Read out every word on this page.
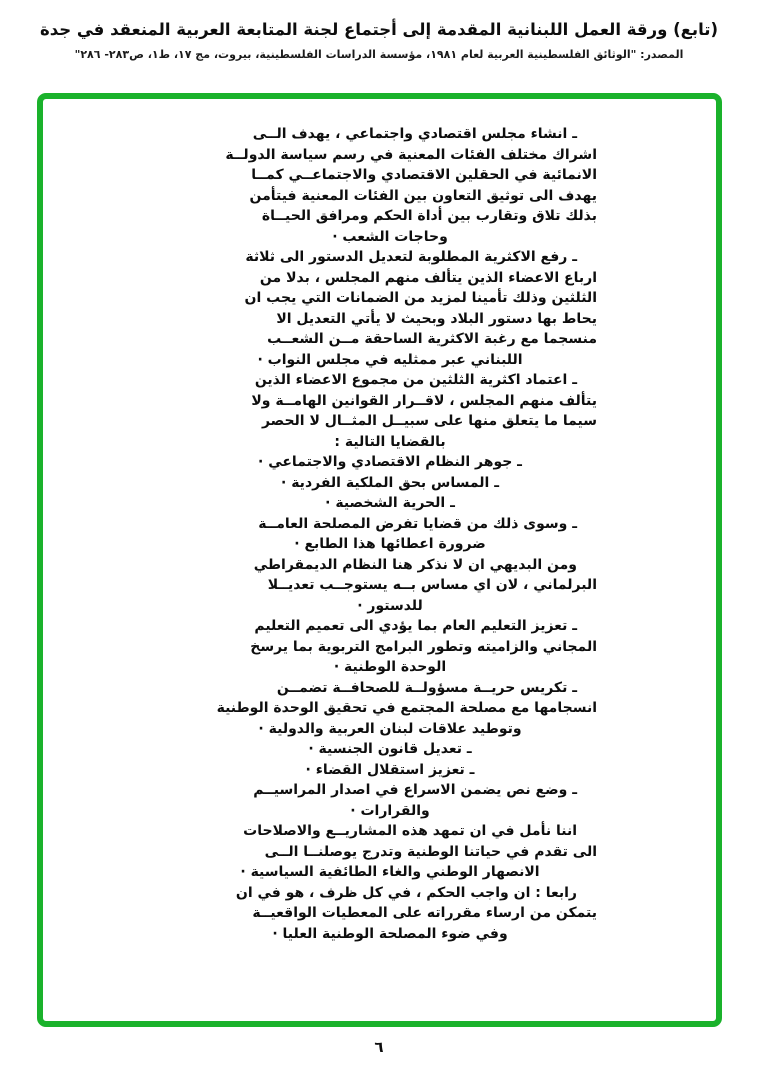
(تابع) ورقة العمل اللبنانية المقدمة إلى أجتماع لجنة المتابعة العربية المنعقد في جدة
المصدر: "الوثائق الفلسطينية العربية لعام ١٩٨١، مؤسسة الدراسات الفلسطينية، بيروت، مج ١٧، ط١، ص٢٨٣- ٢٨٦"
ـ انشاء مجلس اقتصادي واجتماعي ، يهدف الــى
اشراك مختلف الفئات المعنية في رسم سياسة الدولــة
الانمائية في الحقلين الاقتصادي والاجتماعــي كمــا
يهدف الى توثيق التعاون بين الفئات المعنية فيتأمن
بذلك تلاق وتقارب بين أداة الحكم ومرافق الحيــاة
وحاجات الشعب ·
ـ رفع الاكثرية المطلوبة لتعديل الدستور الى ثلاثة
ارباع الاعضاء الذين يتألف منهم المجلس ، بدلا من
الثلثين وذلك تأمينا لمزيد من الضمانات التي يجب ان
يحاط بها دستور البلاد وبحيث لا يأتي التعديل الا
منسجما مع رغبة الاكثرية الساحقة مــن الشعــب
اللبناني عبر ممثليه في مجلس النواب ·
ـ اعتماد اكثرية الثلثين من مجموع الاعضاء الذين
يتألف منهم المجلس ، لاقــرار القوانين الهامــة ولا
سيما ما يتعلق منها على سبيــل المثــال لا الحصر
بالقضايا التالية :
ـ جوهر النظام الاقتصادي والاجتماعي ·
ـ المساس بحق الملكية الفردية ·
ـ الحرية الشخصية ·
ـ وسوى ذلك من قضايا تفرض المصلحة العامــة
ضرورة اعطائها هذا الطابع ·
ومن البديهي ان لا نذكر هنا النظام الديمقراطي
البرلماني ، لان اي مساس بــه يستوجــب تعديــلا
للدستور ·
ـ تعزيز التعليم العام بما يؤدي الى تعميم التعليم
المجاني والزاميته وتطور البرامج التربوية بما يرسخ
الوحدة الوطنية ·
ـ تكريس حريــة مسؤولــة للصحافــة تضمــن
انسجامها مع مصلحة المجتمع في تحقيق الوحدة الوطنية
وتوطيد علاقات لبنان العربية والدولية ·
ـ تعديل قانون الجنسية ·
ـ تعزيز استقلال القضاء ·
ـ وضع نص يضمن الاسراع في اصدار المراسيــم
والقرارات ·
اننا نأمل في ان تمهد هذه المشاريــع والاصلاحات
الى تقدم في حياتنا الوطنية وتدرج يوصلنــا الــى
الانصهار الوطني والغاء الطائفية السياسية ·
رابعا : ان واجب الحكم ، في كل ظرف ، هو في ان
يتمكن من ارساء مقرراته على المعطيات الواقعيــة
وفي ضوء المصلحة الوطنية العليا ·
٦
